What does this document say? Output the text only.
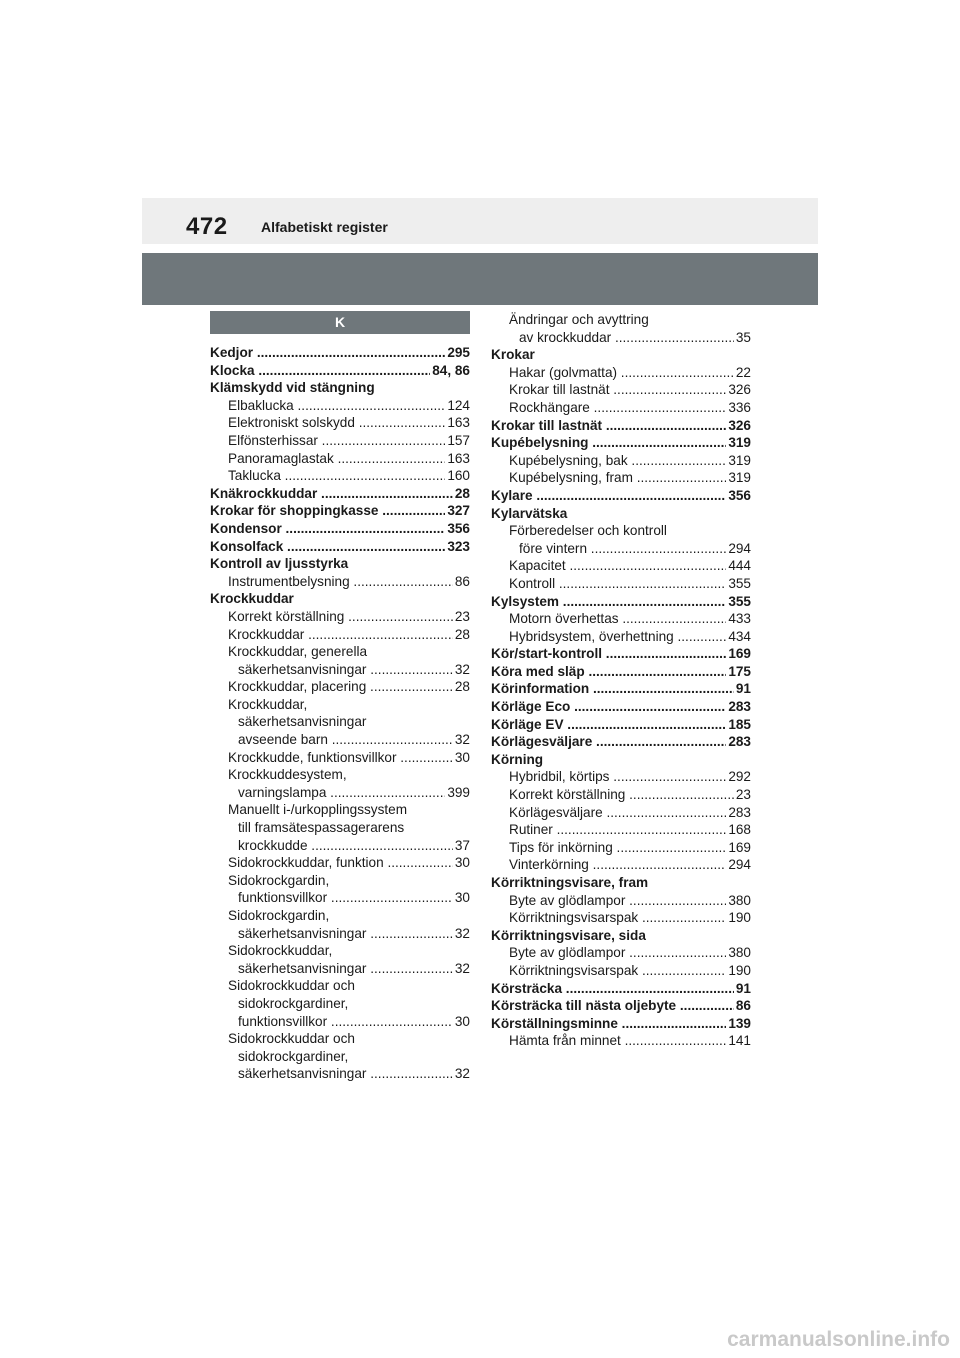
472 Alfabetiskt register
K
Kedjor	295
.....
Klocka	84, 86
.....
Klämskydd vid stängning
Elbaklucka	124
.....
Elektroniskt solskydd	163
.....
Elfönsterhissar	157
.....
Panoramaglastak	163
.....
Taklucka	160
.....
Knäkrockkuddar	28
.....
Krokar för shoppingkasse	327
.....
Kondensor	356
.....
Konsolfack	323
.....
Kontroll av ljusstyrka
Instrumentbelysning	86
.....
Krockkuddar
Korrekt körställning	23
.....
Krockkuddar	28
.....
Krockkuddar, generella
säkerhetsanvisningar	32
.....
Krockkuddar, placering	28
.....
Krockkuddar,
säkerhetsanvisningar
avseende barn	32
.....
Krockkudde, funktionsvillkor	30
.....
Krockkuddesystem,
varningslampa	399
.....
Manuellt i-/urkopplingssystem
till framsätespassagerarens
krockkudde	37
.....
Sidokrockkuddar, funktion	30
.....
Sidokrockgardin,
funktionsvillkor	30
.....
Sidokrockgardin,
säkerhetsanvisningar	32
.....
Sidokrockkuddar,
säkerhetsanvisningar	32
.....
Sidokrockkuddar och
sidokrockgardiner,
funktionsvillkor	30
.....
Sidokrockkuddar och
sidokrockgardiner,
säkerhetsanvisningar	32
.....
Ändringar och avyttring
av krockkuddar	35
.....
Krokar
Hakar (golvmatta)	22
.....
Krokar till lastnät	326
.....
Rockhängare	336
.....
Krokar till lastnät	326
.....
Kupébelysning	319
.....
Kupébelysning, bak	319
.....
Kupébelysning, fram	319
.....
Kylare	356
.....
Kylarvätska
Förberedelser och kontroll
före vintern	294
.....
Kapacitet	444
.....
Kontroll	355
.....
Kylsystem	355
.....
Motorn överhettas	433
.....
Hybridsystem, överhettning	434
.....
Kör/start-kontroll	169
.....
Köra med släp	175
.....
Körinformation	91
.....
Körläge Eco	283
.....
Körläge EV	185
.....
Körlägesväljare	283
.....
Körning
Hybridbil, körtips	292
.....
Korrekt körställning	23
.....
Körlägesväljare	283
.....
Rutiner	168
.....
Tips för inkörning	169
.....
Vinterkörning	294
.....
Körriktningsvisare, fram
Byte av glödlampor	380
.....
Körriktningsvisarspak	190
.....
Körriktningsvisare, sida
Byte av glödlampor	380
.....
Körriktningsvisarspak	190
.....
Körsträcka	91
.....
Körsträcka till nästa oljebyte	86
.....
Körställningsminne	139
.....
Hämta från minnet	141
.....
carmanualsonline.info
